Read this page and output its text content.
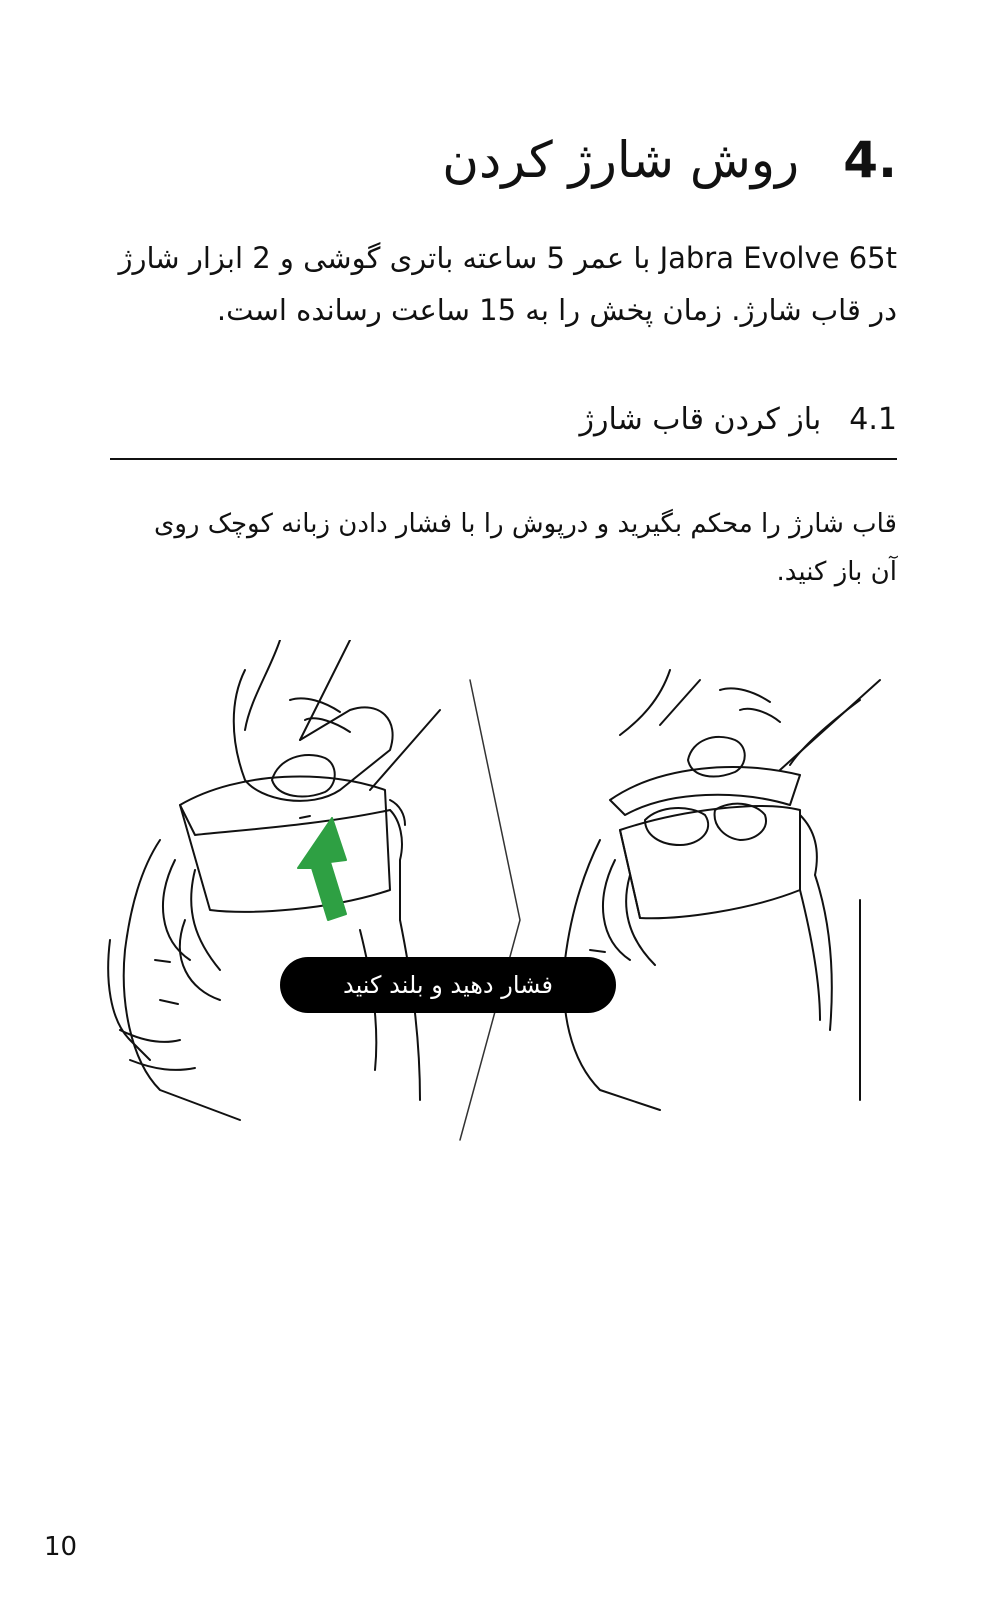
.4روش شارژ کردن
Jabra Evolve 65t با عمر 5 ساعته باتری گوشی و 2 ابزار شارژ
در قاب شارژ. زمان پخش را به 15 ساعت رسانده است.
4.1باز کردن قاب شارژ
قاب شارژ را محکم بگیرید و درپوش را با فشار دادن زبانه کوچک روی
آن باز کنید.
فشار دهید و بلند کنید
10
